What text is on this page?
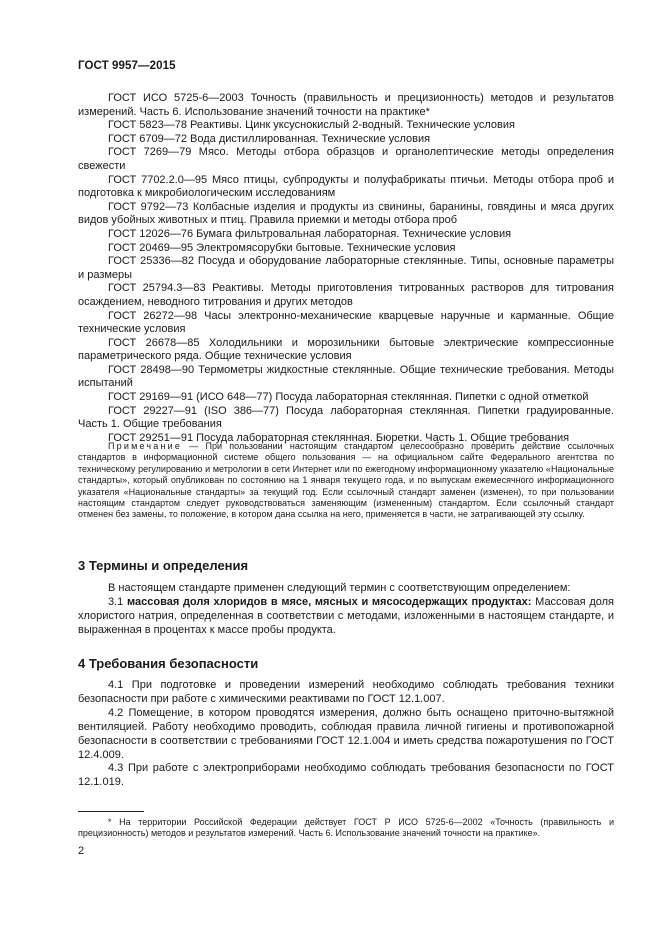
ГОСТ 9957—2015

ГОСТ ИСО 5725-6—2003 Точность (правильность и прецизионность) методов и результатов измерений. Часть 6. Использование значений точности на практике*

ГОСТ 5823—78 Реактивы. Цинк уксуснокислый 2-водный. Технические условия

ГОСТ 6709—72 Вода дистиллированная. Технические условия

ГОСТ 7269—79 Мясо. Методы отбора образцов и органолептические методы определения свежести

ГОСТ 7702.2.0—95 Мясо птицы, субпродукты и полуфабрикаты птичьи. Методы отбора проб и подготовка к микробиологическим исследованиям

ГОСТ 9792—73 Колбасные изделия и продукты из свинины, баранины, говядины и мяса других видов убойных животных и птиц. Правила приемки и методы отбора проб

ГОСТ 12026—76 Бумага фильтровальная лабораторная. Технические условия

ГОСТ 20469—95 Электромясорубки бытовые. Технические условия

ГОСТ 25336—82 Посуда и оборудование лабораторные стеклянные. Типы, основные параметры и размеры

ГОСТ 25794.3—83 Реактивы. Методы приготовления титрованных растворов для титрования осаждением, неводного титрования и других методов

ГОСТ 26272—98 Часы электронно-механические кварцевые наручные и карманные. Общие технические условия

ГОСТ 26678—85 Холодильники и морозильники бытовые электрические компрессионные параметрического ряда. Общие технические условия

ГОСТ 28498—90 Термометры жидкостные стеклянные. Общие технические требования. Методы испытаний

ГОСТ 29169—91 (ИСО 648—77) Посуда лабораторная стеклянная. Пипетки с одной отметкой

ГОСТ 29227—91 (ISO 386—77) Посуда лабораторная стеклянная. Пипетки градуированные. Часть 1. Общие требования

ГОСТ 29251—91 Посуда лабораторная стеклянная. Бюретки. Часть 1. Общие требования

Примечание — При пользовании настоящим стандартом целесообразно проверить действие ссылочных стандартов в информационной системе общего пользования — на официальном сайте Федерального агентства по техническому регулированию и метрологии в сети Интернет или по ежегодному информационному указателю «Национальные стандарты», который опубликован по состоянию на 1 января текущего года, и по выпускам ежемесячного информационного указателя «Национальные стандарты» за текущий год. Если ссылочный стандарт заменен (изменен), то при пользовании настоящим стандартом следует руководствоваться заменяющим (измененным) стандартом. Если ссылочный стандарт отменен без замены, то положение, в котором дана ссылка на него, применяется в части, не затрагивающей эту ссылку.
3 Термины и определения

В настоящем стандарте применен следующий термин с соответствующим определением:

3.1 массовая доля хлоридов в мясе, мясных и мясосодержащих продуктах: Массовая доля хлористого натрия, определенная в соответствии с методами, изложенными в настоящем стандарте, и выраженная в процентах к массе пробы продукта.

4 Требования безопасности

4.1 При подготовке и проведении измерений необходимо соблюдать требования техники безопасности при работе с химическими реактивами по ГОСТ 12.1.007.

4.2 Помещение, в котором проводятся измерения, должно быть оснащено приточно-вытяжной вентиляцией. Работу необходимо проводить, соблюдая правила личной гигиены и противопожарной безопасности в соответствии с требованиями ГОСТ 12.1.004 и иметь средства пожаротушения по ГОСТ 12.4.009.

4.3 При работе с электроприборами необходимо соблюдать требования безопасности по ГОСТ 12.1.019.

* На территории Российской Федерации действует ГОСТ Р ИСО 5725-6—2002 «Точность (правильность и прецизионность) методов и результатов измерений. Часть 6. Использование значений точности на практике».
2
